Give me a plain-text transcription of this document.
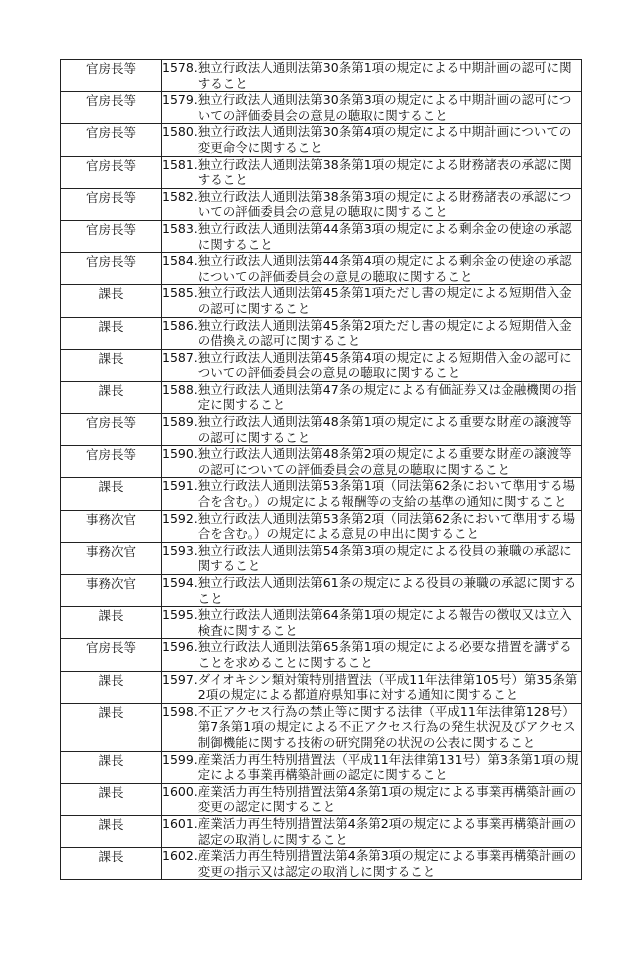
官房長等	1578. 独立行政法人通則法第30条第1項の規定による中期計画の認可に関すること

官房長等	1579. 独立行政法人通則法第30条第3項の規定による中期計画の認可についての評価委員会の意見の聴取に関すること

官房長等	1580. 独立行政法人通則法第30条第4項の規定による中期計画についての変更命令に関すること

官房長等	1581. 独立行政法人通則法第38条第1項の規定による財務諸表の承認に関すること

官房長等	1582. 独立行政法人通則法第38条第3項の規定による財務諸表の承認についての評価委員会の意見の聴取に関すること

官房長等	1583. 独立行政法人通則法第44条第3項の規定による剰余金の使途の承認に関すること

官房長等	1584. 独立行政法人通則法第44条第4項の規定による剰余金の使途の承認についての評価委員会の意見の聴取に関すること

課長	1585. 独立行政法人通則法第45条第1項ただし書の規定による短期借入金の認可に関すること

課長	1586. 独立行政法人通則法第45条第2項ただし書の規定による短期借入金の借換えの認可に関すること

課長	1587. 独立行政法人通則法第45条第4項の規定による短期借入金の認可についての評価委員会の意見の聴取に関すること

課長	1588. 独立行政法人通則法第47条の規定による有価証券又は金融機関の指定に関すること

官房長等	1589. 独立行政法人通則法第48条第1項の規定による重要な財産の譲渡等の認可に関すること

官房長等	1590. 独立行政法人通則法第48条第2項の規定による重要な財産の譲渡等の認可についての評価委員会の意見の聴取に関すること

課長	1591. 独立行政法人通則法第53条第1項（同法第62条において準用する場合を含む。）の規定による報酬等の支給の基準の通知に関すること

事務次官	1592. 独立行政法人通則法第53条第2項（同法第62条において準用する場合を含む。）の規定による意見の申出に関すること

事務次官	1593. 独立行政法人通則法第54条第3項の規定による役員の兼職の承認に関すること

事務次官	1594. 独立行政法人通則法第61条の規定による役員の兼職の承認に関すること

課長	1595. 独立行政法人通則法第64条第1項の規定による報告の徴収又は立入検査に関すること

官房長等	1596. 独立行政法人通則法第65条第1項の規定による必要な措置を講ずることを求めることに関すること

課長	1597. ダイオキシン類対策特別措置法（平成11年法律第105号）第35条第2項の規定による都道府県知事に対する通知に関すること

課長	1598. 不正アクセス行為の禁止等に関する法律（平成11年法律第128号）第7条第1項の規定による不正アクセス行為の発生状況及びアクセス制御機能に関する技術の研究開発の状況の公表に関すること

課長	1599. 産業活力再生特別措置法（平成11年法律第131号）第3条第1項の規定による事業再構築計画の認定に関すること

課長	1600. 産業活力再生特別措置法第4条第1項の規定による事業再構築計画の変更の認定に関すること

課長	1601. 産業活力再生特別措置法第4条第2項の規定による事業再構築計画の認定の取消しに関すること

課長	1602. 産業活力再生特別措置法第4条第3項の規定による事業再構築計画の変更の指示又は認定の取消しに関すること
